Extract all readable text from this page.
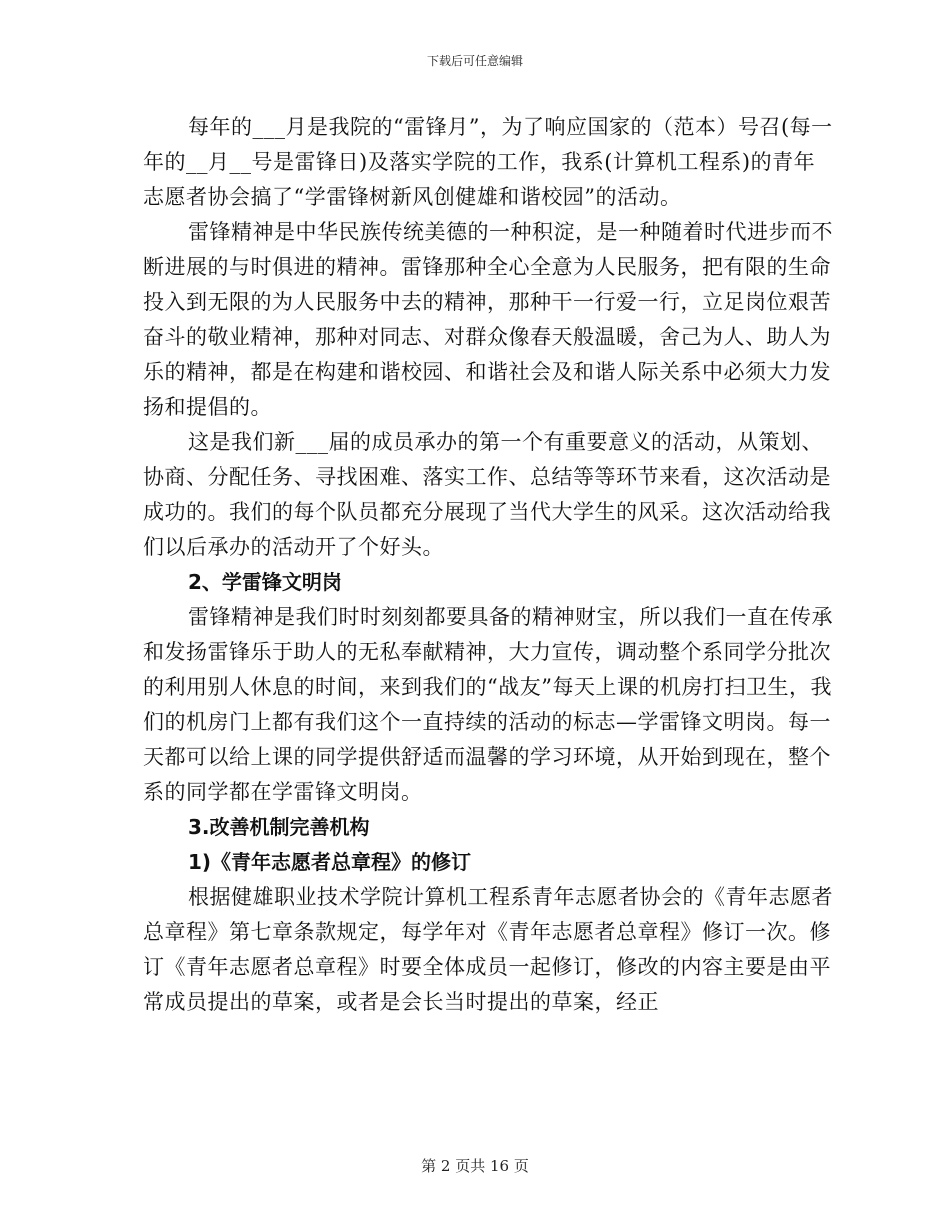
下载后可任意编辑

每年的___月是我院的“雷锋月”，为了响应国家的（范本）号召(每一年的__月__号是雷锋日)及落实学院的工作，我系(计算机工程系)的青年志愿者协会搞了“学雷锋树新风创健雄和谐校园”的活动。

雷锋精神是中华民族传统美德的一种积淀，是一种随着时代进步而不断进展的与时俱进的精神。雷锋那种全心全意为人民服务，把有限的生命投入到无限的为人民服务中去的精神，那种干一行爱一行，立足岗位艰苦奋斗的敬业精神，那种对同志、对群众像春天般温暖，舍己为人、助人为乐的精神，都是在构建和谐校园、和谐社会及和谐人际关系中必须大力发扬和提倡的。

这是我们新___届的成员承办的第一个有重要意义的活动，从策划、协商、分配任务、寻找困难、落实工作、总结等等环节来看，这次活动是成功的。我们的每个队员都充分展现了当代大学生的风采。这次活动给我们以后承办的活动开了个好头。

2、学雷锋文明岗

雷锋精神是我们时时刻刻都要具备的精神财宝，所以我们一直在传承和发扬雷锋乐于助人的无私奉献精神，大力宣传，调动整个系同学分批次的利用别人休息的时间，来到我们的“战友”每天上课的机房打扫卫生，我们的机房门上都有我们这个一直持续的活动的标志—学雷锋文明岗。每一天都可以给上课的同学提供舒适而温馨的学习环境，从开始到现在，整个系的同学都在学雷锋文明岗。

3.改善机制完善机构

1)《青年志愿者总章程》的修订

根据健雄职业技术学院计算机工程系青年志愿者协会的《青年志愿者总章程》第七章条款规定，每学年对《青年志愿者总章程》修订一次。修订《青年志愿者总章程》时要全体成员一起修订，修改的内容主要是由平常成员提出的草案，或者是会长当时提出的草案，经正

第 2 页共 16 页
